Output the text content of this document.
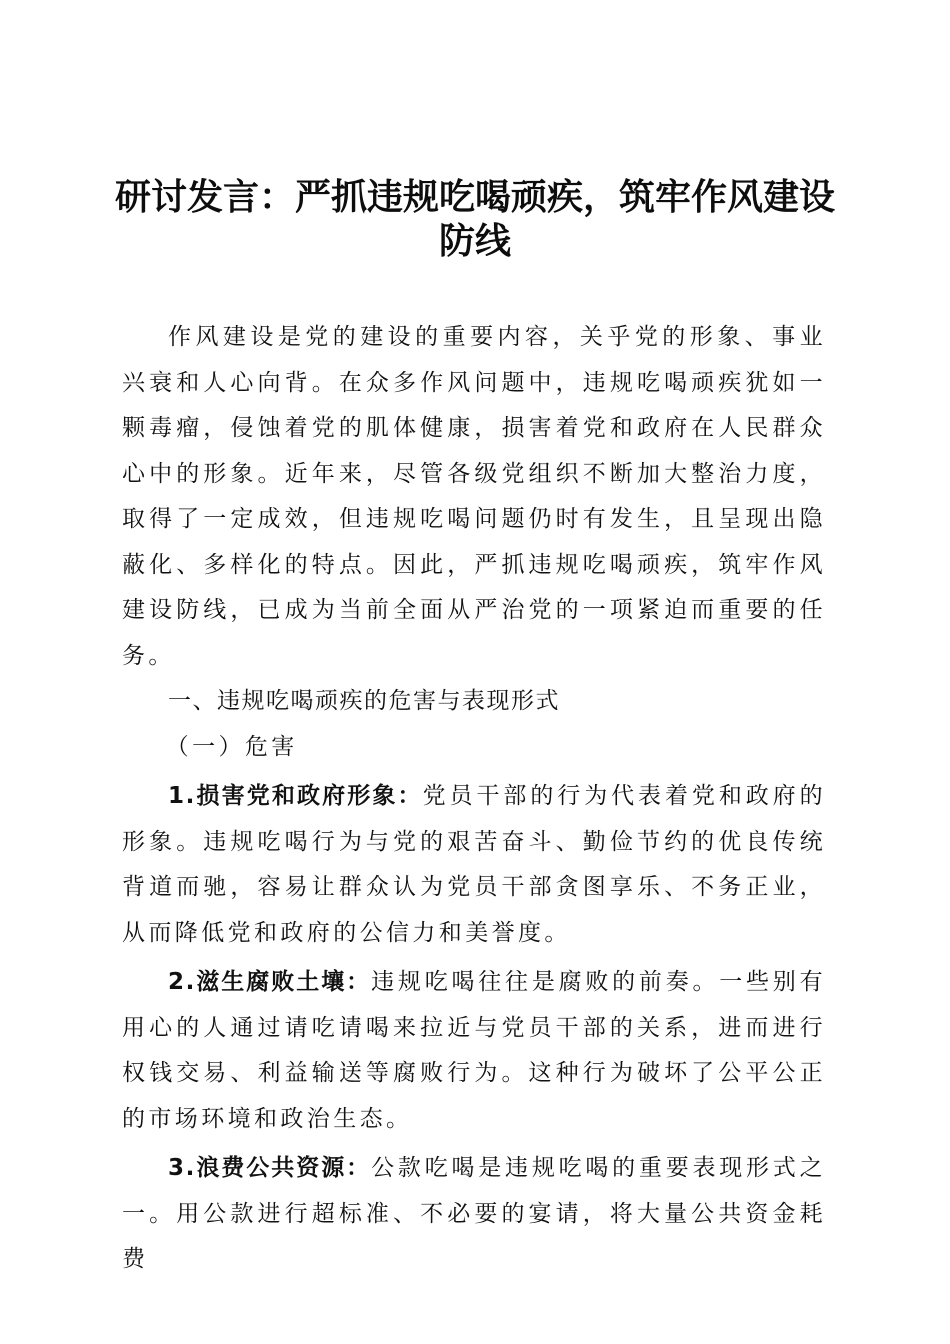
研讨发言：严抓违规吃喝顽疾，筑牢作风建设防线

作风建设是党的建设的重要内容，关乎党的形象、事业兴衰和人心向背。在众多作风问题中，违规吃喝顽疾犹如一颗毒瘤，侵蚀着党的肌体健康，损害着党和政府在人民群众心中的形象。近年来，尽管各级党组织不断加大整治力度，取得了一定成效，但违规吃喝问题仍时有发生，且呈现出隐蔽化、多样化的特点。因此，严抓违规吃喝顽疾，筑牢作风建设防线，已成为当前全面从严治党的一项紧迫而重要的任务。

一、违规吃喝顽疾的危害与表现形式

（一）危害

1.损害党和政府形象：党员干部的行为代表着党和政府的形象。违规吃喝行为与党的艰苦奋斗、勤俭节约的优良传统背道而驰，容易让群众认为党员干部贪图享乐、不务正业，从而降低党和政府的公信力和美誉度。

2.滋生腐败土壤：违规吃喝往往是腐败的前奏。一些别有用心的人通过请吃请喝来拉近与党员干部的关系，进而进行权钱交易、利益输送等腐败行为。这种行为破坏了公平公正的市场环境和政治生态。

3.浪费公共资源：公款吃喝是违规吃喝的重要表现形式之一。用公款进行超标准、不必要的宴请，将大量公共资金耗费
